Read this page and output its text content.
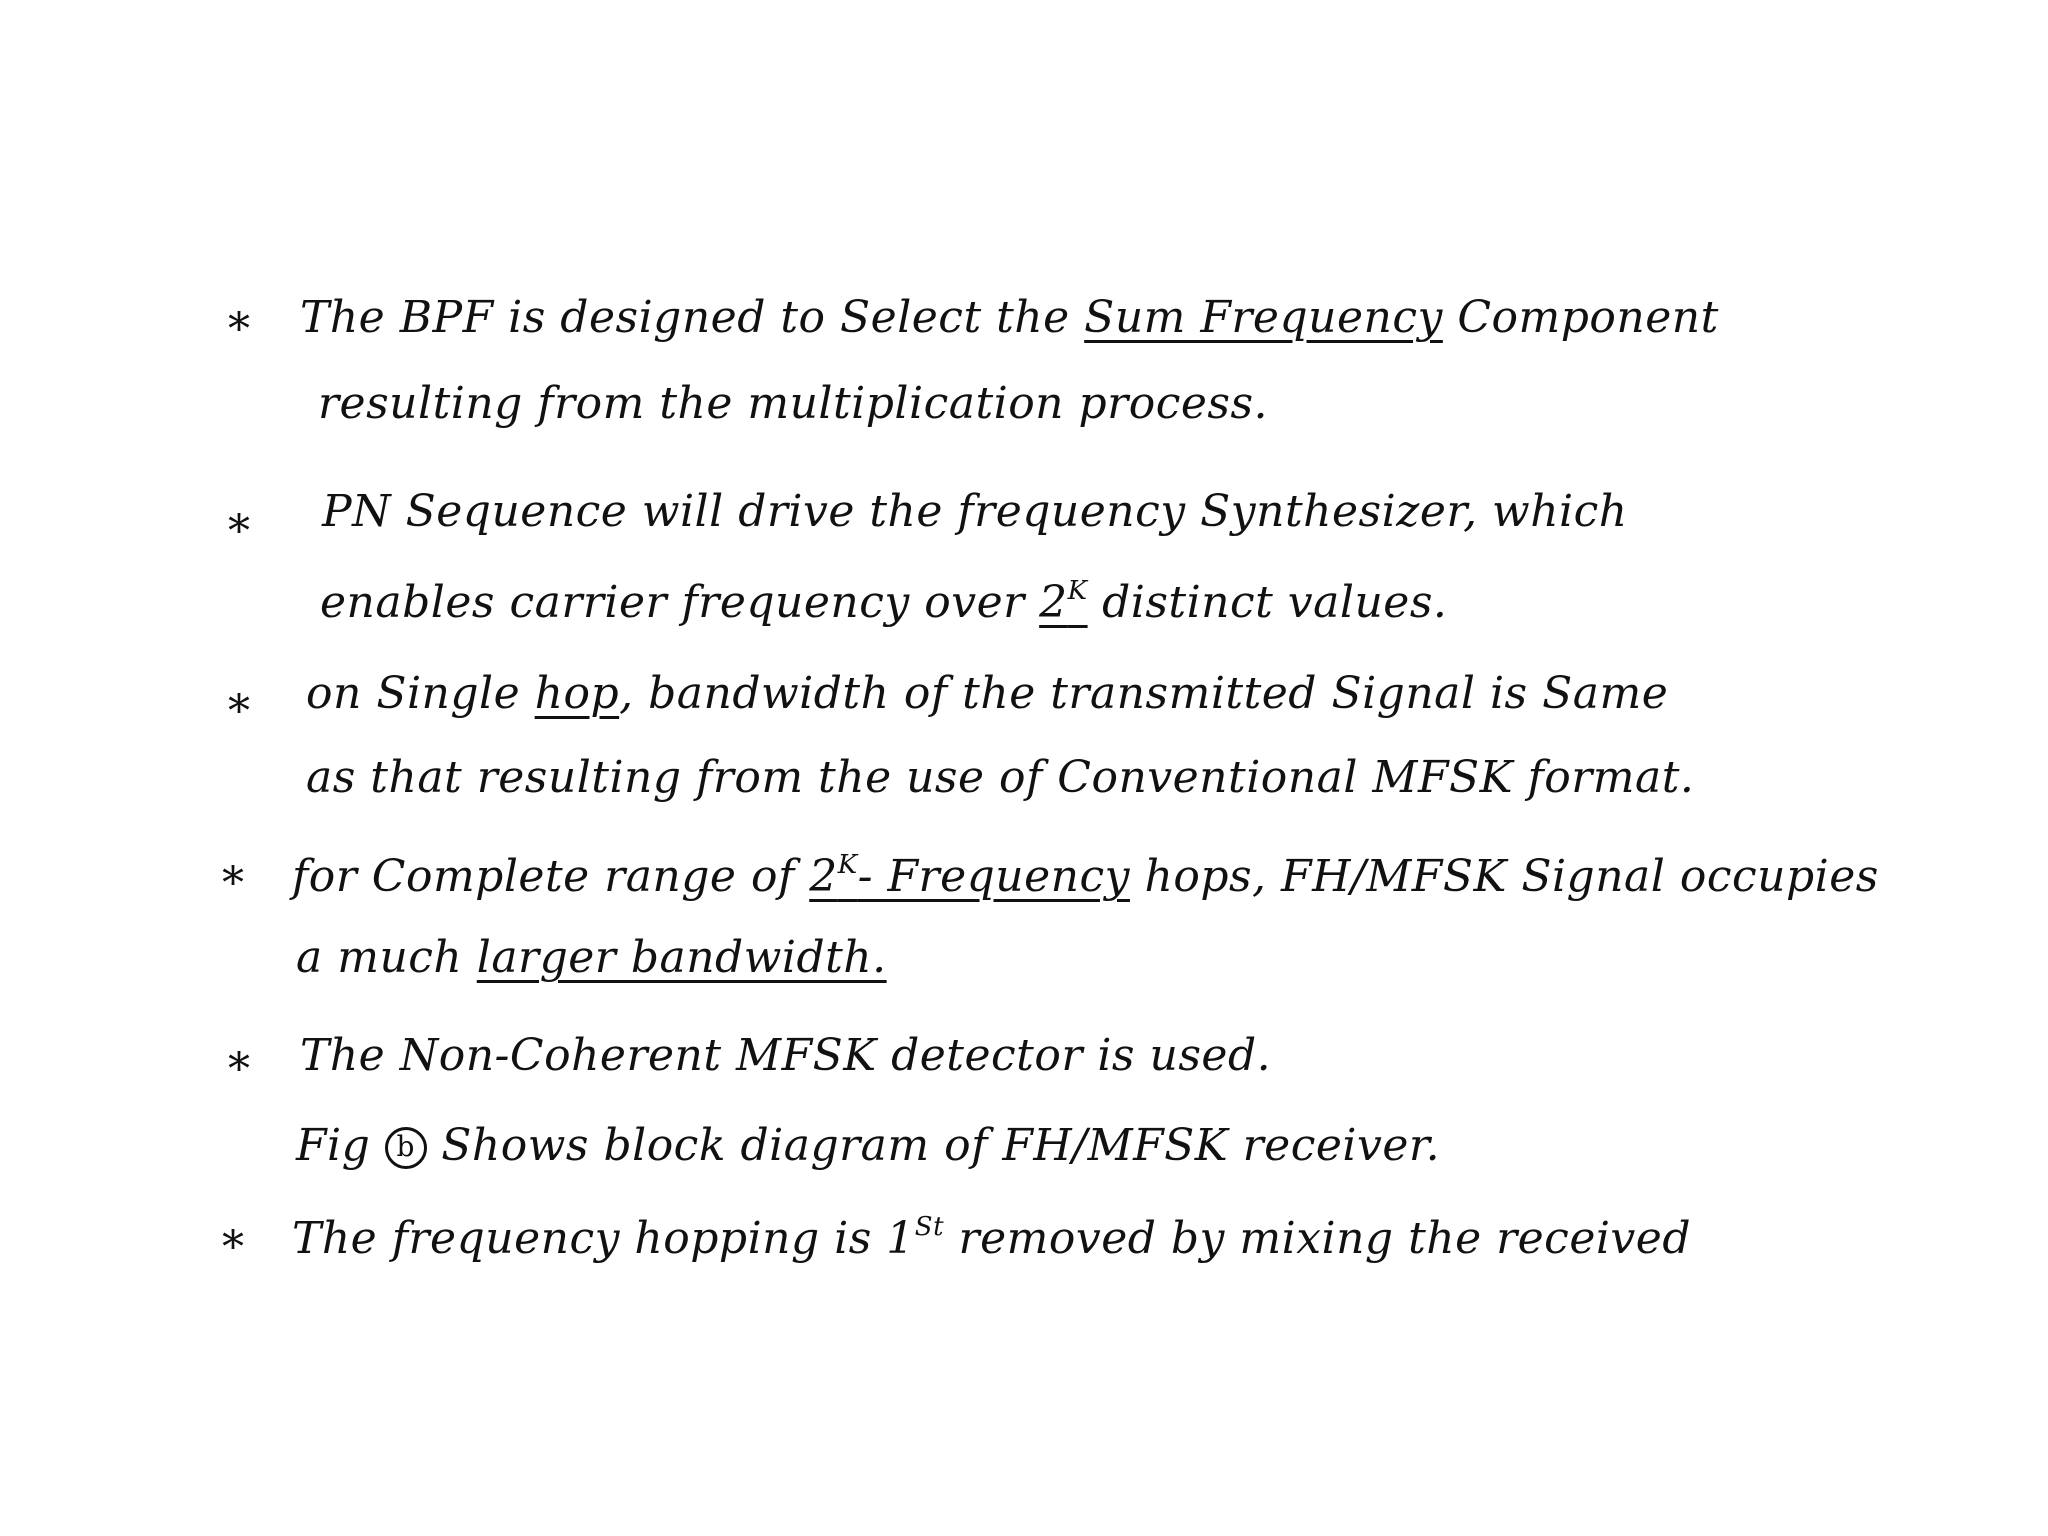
* The BPF is designed to Select the Sum Frequency Component
resulting from the multiplication process.
* PN Sequence will drive the frequency Synthesizer, which
enables carrier frequency over $2^K$ distinct values.
* on Single hop, bandwidth of the transmitted Signal is Same
as that resulting from the use of Conventional MFSK format.
* for Complete range of $2^K-$ Frequency hops, FH/MFSK Signal occupies
a much larger bandwidth.
* The Non-Coherent MFSK detector is used.
Fig b Shows block diagram of FH/MFSK receiver.
* The frequency hopping is 1St removed by mixing the received
